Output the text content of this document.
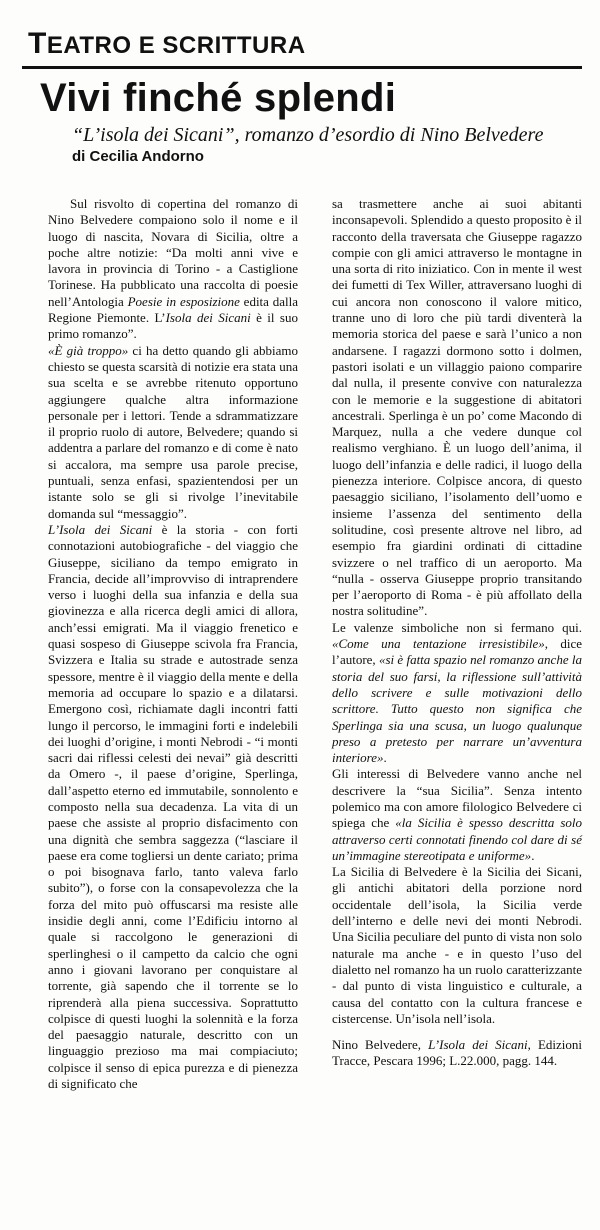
TEATRO E SCRITTURA
Vivi finché splendi
“L’isola dei Sicani”, romanzo d’esordio di Nino Belvedere
di Cecilia Andorno

Sul risvolto di copertina del romanzo di Nino Belvedere compaiono solo il nome e il luogo di nascita, Novara di Sicilia, oltre a poche altre notizie: “Da molti anni vive e lavora in provincia di Torino - a Castiglione Torinese. Ha pubblicato una raccolta di poesie nell’Antologia Poesie in esposizione edita dalla Regione Piemonte. L’Isola dei Sicani è il suo primo romanzo”.

«È già troppo» ci ha detto quando gli abbiamo chiesto se questa scarsità di notizie era stata una sua scelta e se avrebbe ritenuto opportuno aggiungere qualche altra informazione personale per i lettori. Tende a sdrammatizzare il proprio ruolo di autore, Belvedere; quando si addentra a parlare del romanzo e di come è nato si accalora, ma sempre usa parole precise, puntuali, senza enfasi, spazientendosi per un istante solo se gli si rivolge l’inevitabile domanda sul “messaggio”.

L’Isola dei Sicani è la storia - con forti connotazioni autobiografiche - del viaggio che Giuseppe, siciliano da tempo emigrato in Francia, decide all’improvviso di intraprendere verso i luoghi della sua infanzia e della sua giovinezza e alla ricerca degli amici di allora, anch’essi emigrati. Ma il viaggio frenetico e quasi sospeso di Giuseppe scivola fra Francia, Svizzera e Italia su strade e autostrade senza spessore, mentre è il viaggio della mente e della memoria ad occupare lo spazio e a dilatarsi. Emergono così, richiamate dagli incontri fatti lungo il percorso, le immagini forti e indelebili dei luoghi d’origine, i monti Nebrodi - “i monti sacri dai riflessi celesti dei nevai” già descritti da Omero -, il paese d’origine, Sperlinga, dall’aspetto eterno ed immutabile, sonnolento e composto nella sua decadenza. La vita di un paese che assiste al proprio disfacimento con una dignità che sembra saggezza (“lasciare il paese era come togliersi un dente cariato; prima o poi bisognava farlo, tanto valeva farlo subito”), o forse con la consapevolezza che la forza del mito può offuscarsi ma resiste alle insidie degli anni, come l’Edificiu intorno al quale si raccolgono le generazioni di sperlinghesi o il campetto da calcio che ogni anno i giovani lavorano per conquistare al torrente, già sapendo che il torrente se lo riprenderà alla piena successiva. Soprattutto colpisce di questi luoghi la solennità e la forza del paesaggio naturale, descritto con un linguaggio prezioso ma mai compiaciuto; colpisce il senso di epica purezza e di pienezza di significato che

sa trasmettere anche ai suoi abitanti inconsapevoli. Splendido a questo proposito è il racconto della traversata che Giuseppe ragazzo compie con gli amici attraverso le montagne in una sorta di rito iniziatico. Con in mente il west dei fumetti di Tex Willer, attraversano luoghi di cui ancora non conoscono il valore mitico, tranne uno di loro che più tardi diventerà la memoria storica del paese e sarà l’unico a non andarsene. I ragazzi dormono sotto i dolmen, pastori isolati e un villaggio paiono comparire dal nulla, il presente convive con naturalezza con le memorie e la suggestione di abitatori ancestrali. Sperlinga è un po’ come Macondo di Marquez, nulla a che vedere dunque col realismo verghiano. È un luogo dell’anima, il luogo dell’infanzia e delle radici, il luogo della pienezza interiore. Colpisce ancora, di questo paesaggio siciliano, l’isolamento dell’uomo e insieme l’assenza del sentimento della solitudine, così presente altrove nel libro, ad esempio fra giardini ordinati di cittadine svizzere o nel traffico di un aeroporto. Ma “nulla - osserva Giuseppe proprio transitando per l’aeroporto di Roma - è più affollato della nostra solitudine”.

Le valenze simboliche non si fermano qui. «Come una tentazione irresistibile», dice l’autore, «si è fatta spazio nel romanzo anche la storia del suo farsi, la riflessione sull’attività dello scrivere e sulle motivazioni dello scrittore. Tutto questo non significa che Sperlinga sia una scusa, un luogo qualunque preso a pretesto per narrare un’avventura interiore».

Gli interessi di Belvedere vanno anche nel descrivere la “sua Sicilia”. Senza intento polemico ma con amore filologico Belvedere ci spiega che «la Sicilia è spesso descritta solo attraverso certi connotati finendo col dare di sé un’immagine stereotipata e uniforme».

La Sicilia di Belvedere è la Sicilia dei Sicani, gli antichi abitatori della porzione nord occidentale dell’isola, la Sicilia verde dell’interno e delle nevi dei monti Nebrodi. Una Sicilia peculiare del punto di vista non solo naturale ma anche - e in questo l’uso del dialetto nel romanzo ha un ruolo caratterizzante - dal punto di vista linguistico e culturale, a causa del contatto con la cultura francese e cistercense. Un’isola nell’isola.

Nino Belvedere, L’Isola dei Sicani, Edizioni Tracce, Pescara 1996; L.22.000, pagg. 144.
